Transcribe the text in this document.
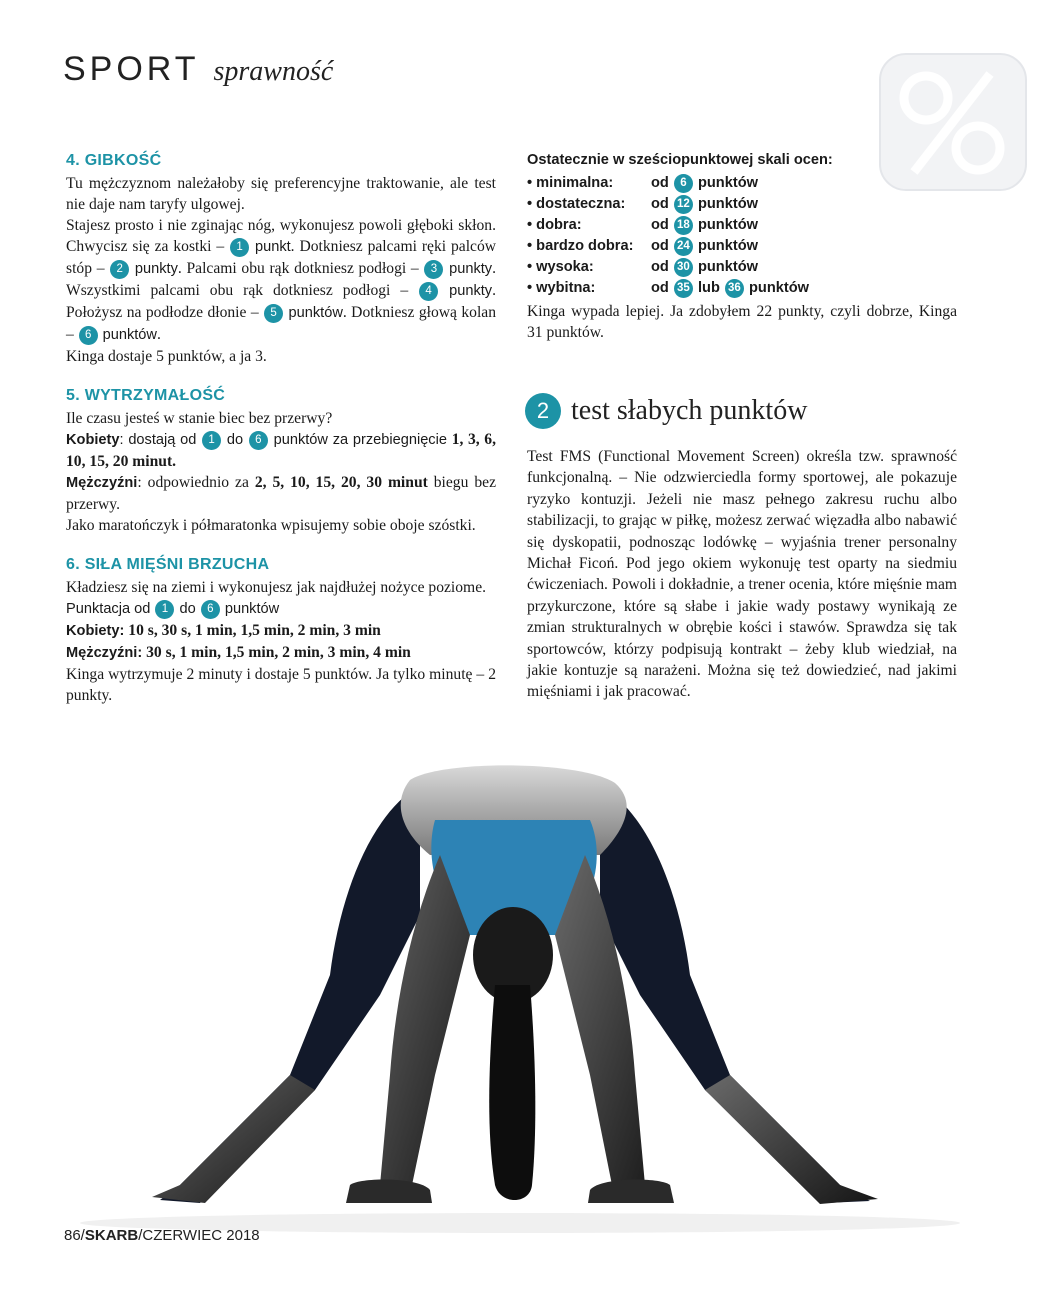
SPORT sprawność
4. GIBKOŚĆ

Tu mężczyznom należałoby się preferencyjne traktowanie, ale test nie daje nam taryfy ulgowej.

Stajesz prosto i nie zginając nóg, wykonujesz powoli głęboki skłon. Chwycisz się za kostki – 1 punkt. Dotkniesz palcami ręki palców stóp – 2 punkty. Palcami obu rąk dotkniesz podłogi – 3 punkty. Wszystkimi palcami obu rąk dotkniesz podłogi – 4 punkty. Położysz na podłodze dłonie – 5 punktów. Dotkniesz głową kolan – 6 punktów.

Kinga dostaje 5 punktów, a ja 3.

5. WYTRZYMAŁOŚĆ

Ile czasu jesteś w stanie biec bez przerwy?

Kobiety: dostają od 1 do 6 punktów za przebiegnięcie 1, 3, 6, 10, 15, 20 minut.

Mężczyźni: odpowiednio za 2, 5, 10, 15, 20, 30 minut biegu bez przerwy.

Jako maratończyk i półmaratonka wpisujemy sobie oboje szóstki.

6. SIŁA MIĘŚNI BRZUCHA

Kładziesz się na ziemi i wykonujesz jak najdłużej nożyce poziome.

Punktacja od 1 do 6 punktów

Kobiety: 10 s, 30 s, 1 min, 1,5 min, 2 min, 3 min

Mężczyźni: 30 s, 1 min, 1,5 min, 2 min, 3 min, 4 min

Kinga wytrzymuje 2 minuty i dostaje 5 punktów. Ja tylko minutę – 2 punkty.

Ostatecznie w sześciopunktowej skali ocen:
• minimalna:	od 6 punktów
• dostateczna:	od 12 punktów
• dobra:	od 18 punktów
• bardzo dobra:	od 24 punktów
• wysoka:	od 30 punktów
• wybitna:	od 35 lub 36 punktów

Kinga wypada lepiej. Ja zdobyłem 22 punkty, czyli dobrze, Kinga 31 punktów.

2 test słabych punktów

Test FMS (Functional Movement Screen) określa tzw. sprawność funkcjonalną. – Nie odzwierciedla formy sportowej, ale pokazuje ryzyko kontuzji. Jeżeli nie masz pełnego zakresu ruchu albo stabilizacji, to grając w piłkę, możesz zerwać więzadła albo nabawić się dyskopatii, podnosząc lodówkę – wyjaśnia trener personalny Michał Ficoń. Pod jego okiem wykonuję test oparty na siedmiu ćwiczeniach. Powoli i dokładnie, a trener ocenia, które mięśnie mam przykurczone, które są słabe i jakie wady postawy wynikają ze zmian strukturalnych w obrębie kości i stawów. Sprawdza się tak sportowców, którzy podpisują kontrakt – żeby klub wiedział, na jakie kontuzje są narażeni. Można się też dowiedzieć, nad jakimi mięśniami i jak pracować.

86/SKARB/CZERWIEC 2018
